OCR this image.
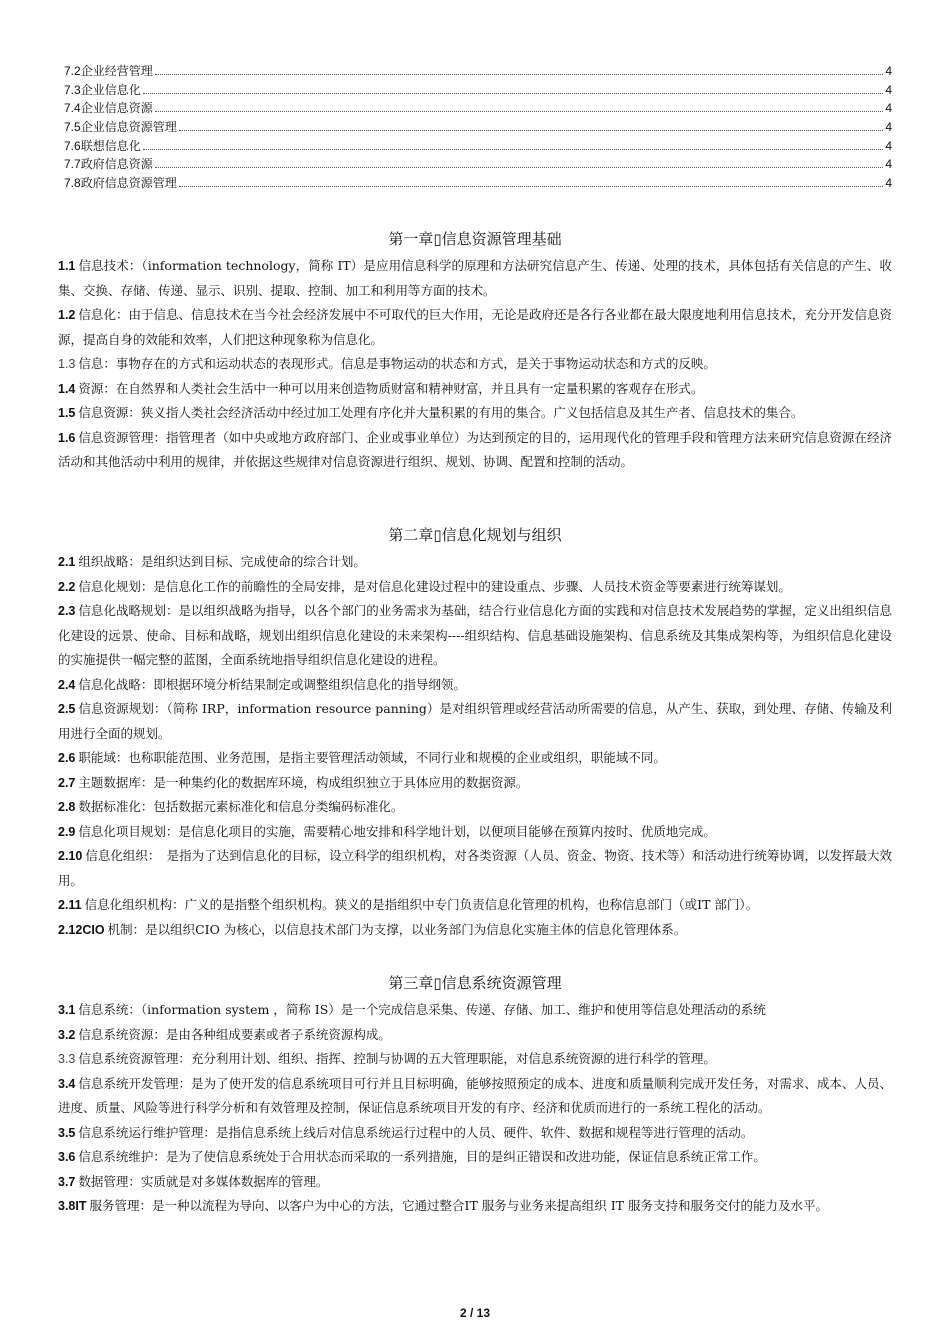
7.2企业经营管理	4
7.3企业信息化	4
7.4企业信息资源	4
7.5企业信息资源管理	4
7.6联想信息化	4
7.7政府信息资源	4
7.8政府信息资源管理	4
第一章▯信息资源管理基础

1.1 信息技术：（information technology，简称 IT）是应用信息科学的原理和方法研究信息产生、传递、处理的技术，具体包括有关信息的产生、收集、交换、存储、传递、显示、识别、提取、控制、加工和利用等方面的技术。

1.2 信息化：由于信息、信息技术在当今社会经济发展中不可取代的巨大作用，无论是政府还是各行各业都在最大限度地利用信息技术，充分开发信息资源，提高自身的效能和效率，人们把这种现象称为信息化。

1.3 信息：事物存在的方式和运动状态的表现形式。信息是事物运动的状态和方式，是关于事物运动状态和方式的反映。

1.4 资源：在自然界和人类社会生活中一种可以用来创造物质财富和精神财富，并且具有一定量积累的客观存在形式。

1.5 信息资源：狭义指人类社会经济活动中经过加工处理有序化并大量积累的有用的集合。广义包括信息及其生产者、信息技术的集合。

1.6 信息资源管理：指管理者（如中央或地方政府部门、企业或事业单位）为达到预定的目的，运用现代化的管理手段和管理方法来研究信息资源在经济活动和其他活动中利用的规律，并依据这些规律对信息资源进行组织、规划、协调、配置和控制的活动。

第二章▯信息化规划与组织

2.1 组织战略：是组织达到目标、完成使命的综合计划。

2.2 信息化规划：是信息化工作的前瞻性的全局安排，是对信息化建设过程中的建设重点、步骤、人员技术资金等要素进行统筹谋划。

2.3 信息化战略规划：是以组织战略为指导，以各个部门的业务需求为基础，结合行业信息化方面的实践和对信息技术发展趋势的掌握，定义出组织信息化建设的远景、使命、目标和战略，规划出组织信息化建设的未来架构----组织结构、信息基础设施架构、信息系统及其集成架构等，为组织信息化建设的实施提供一幅完整的蓝图，全面系统地指导组织信息化建设的进程。

2.4 信息化战略：即根据环境分析结果制定或调整组织信息化的指导纲领。

2.5 信息资源规划：（简称 IRP，information resource panning）是对组织管理或经营活动所需要的信息，从产生、获取，到处理、存储、传输及利用进行全面的规划。

2.6 职能域：也称职能范围、业务范围，是指主要管理活动领域，不同行业和规模的企业或组织，职能域不同。

2.7 主题数据库：是一种集约化的数据库环境，构成组织独立于具体应用的数据资源。

2.8 数据标准化：包括数据元素标准化和信息分类编码标准化。

2.9 信息化项目规划：是信息化项目的实施，需要精心地安排和科学地计划，以便项目能够在预算内按时、优质地完成。

2.10 信息化组织：　是指为了达到信息化的目标，设立科学的组织机构，对各类资源（人员、资金、物资、技术等）和活动进行统筹协调，以发挥最大效用。

2.11 信息化组织机构：广义的是指整个组织机构。狭义的是指组织中专门负责信息化管理的机构，也称信息部门（或IT 部门）。

2.12CIO 机制：是以组织CIO 为核心，以信息技术部门为支撑，以业务部门为信息化实施主体的信息化管理体系。

第三章▯信息系统资源管理

3.1 信息系统：（information system ，简称 IS）是一个完成信息采集、传递、存储、加工、维护和使用等信息处理活动的系统

3.2 信息系统资源：是由各种组成要素或者子系统资源构成。

3.3 信息系统资源管理：充分利用计划、组织、指挥、控制与协调的五大管理职能，对信息系统资源的进行科学的管理。

3.4 信息系统开发管理：是为了使开发的信息系统项目可行并且目标明确，能够按照预定的成本、进度和质量顺利完成开发任务，对需求、成本、人员、进度、质量、风险等进行科学分析和有效管理及控制，保证信息系统项目开发的有序、经济和优质而进行的一系统工程化的活动。

3.5 信息系统运行维护管理：是指信息系统上线后对信息系统运行过程中的人员、硬件、软件、数据和规程等进行管理的活动。

3.6 信息系统维护：是为了使信息系统处于合用状态而采取的一系列措施，目的是纠正错误和改进功能，保证信息系统正常工作。

3.7 数据管理：实质就是对多媒体数据库的管理。

3.8IT 服务管理：是一种以流程为导向、以客户为中心的方法，它通过整合IT 服务与业务来提高组织 IT 服务支持和服务交付的能力及水平。

2 / 13
